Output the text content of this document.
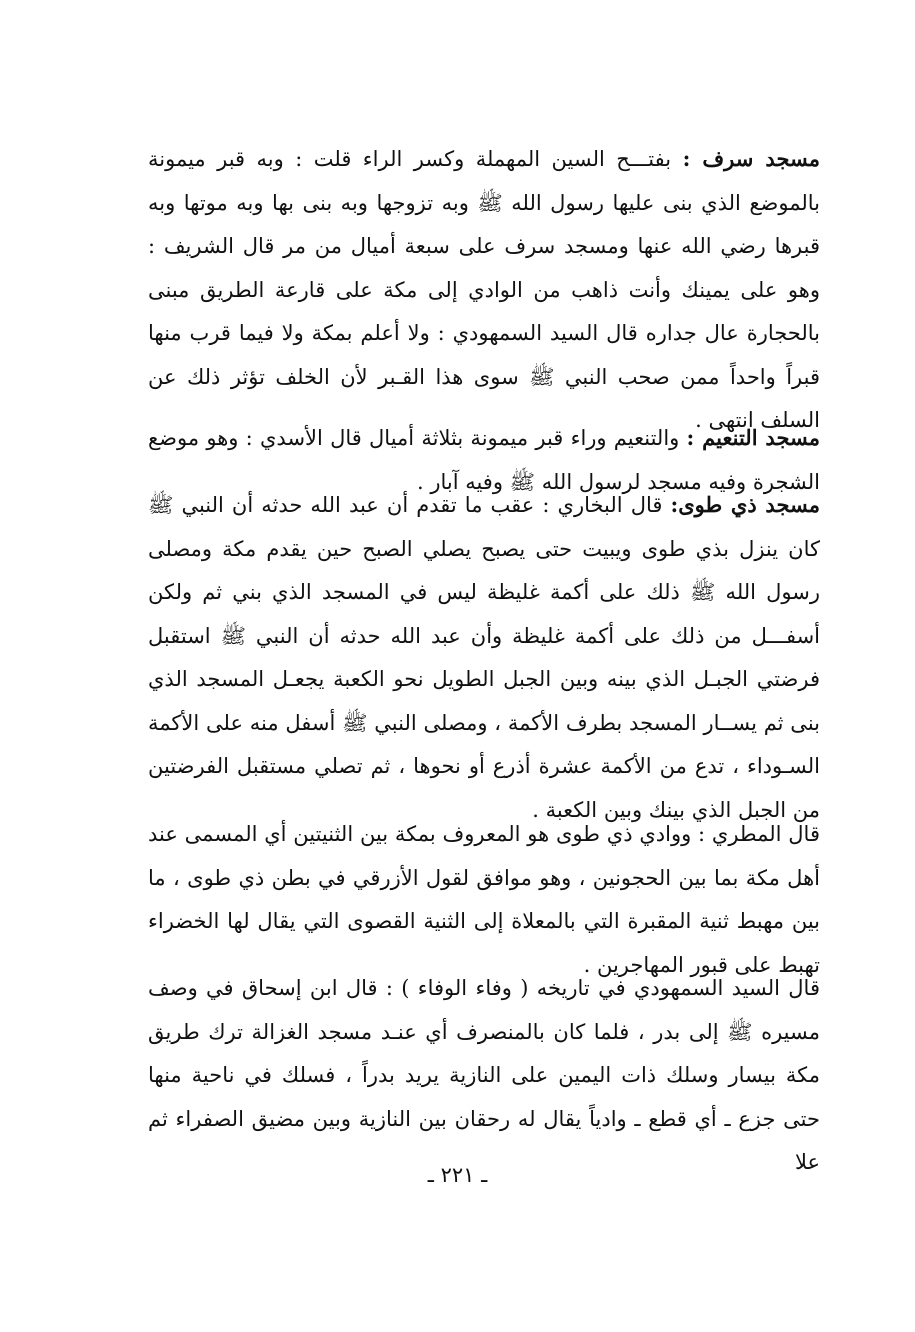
مسجد سرف : بفتـــح السين المهملة وكسر الراء قلت : وبه قبر ميمونة بالموضع الذي بنى عليها رسول الله ﷺ وبه تزوجها وبه بنى بها وبه موتها وبه قبرها رضي الله عنها ومسجد سرف على سبعة أميال من مر قال الشريف : وهو على يمينك وأنت ذاهب من الوادي إلى مكة على قارعة الطريق مبنى بالحجارة عال جداره قال السيد السمهودي : ولا أعلم بمكة ولا فيما قرب منها قبراً واحداً ممن صحب النبي ﷺ سوى هذا القـبر لأن الخلف تؤثر ذلك عن السلف انتهى .

مسجد التنعيم : والتنعيم وراء قبر ميمونة بثلاثة أميال قال الأسدي : وهو موضع الشجرة وفيه مسجد لرسول الله ﷺ وفيه آبار .

مسجد ذي طوى: قال البخاري : عقب ما تقدم أن عبد الله حدثه أن النبي ﷺ كان ينزل بذي طوى ويبيت حتى يصبح يصلي الصبح حين يقدم مكة ومصلى رسول الله ﷺ ذلك على أكمة غليظة ليس في المسجد الذي بني ثم ولكن أسفـــل من ذلك على أكمة غليظة وأن عبد الله حدثه أن النبي ﷺ استقبل فرضتي الجبـل الذي بينه وبين الجبل الطويل نحو الكعبة يجعـل المسجد الذي بنى ثم يســار المسجد بطرف الأكمة ، ومصلى النبي ﷺ أسفل منه على الأكمة السـوداء ، تدع من الأكمة عشرة أذرع أو نحوها ، ثم تصلي مستقبل الفرضتين من الجبل الذي بينك وبين الكعبة .

قال المطري : ووادي ذي طوى هو المعروف بمكة بين الثنيتين أي المسمى عند أهل مكة بما بين الحجونين ، وهو موافق لقول الأزرقي في بطن ذي طوى ، ما بين مهبط ثنية المقبرة التي بالمعلاة إلى الثنية القصوى التي يقال لها الخضراء تهبط على قبور المهاجرين .

قال السيد السمهودي في تاريخه ( وفاء الوفاء ) : قال ابن إسحاق في وصف مسيره ﷺ إلى بدر ، فلما كان بالمنصرف أي عنـد مسجد الغزالة ترك طريق مكة بيسار وسلك ذات اليمين على النازية يريد بدراً ، فسلك في ناحية منها حتى جزع ـ أي قطع ـ وادياً يقال له رحقان بين النازية وبين مضيق الصفراء ثم علا

ـ ٢٢١ ـ
